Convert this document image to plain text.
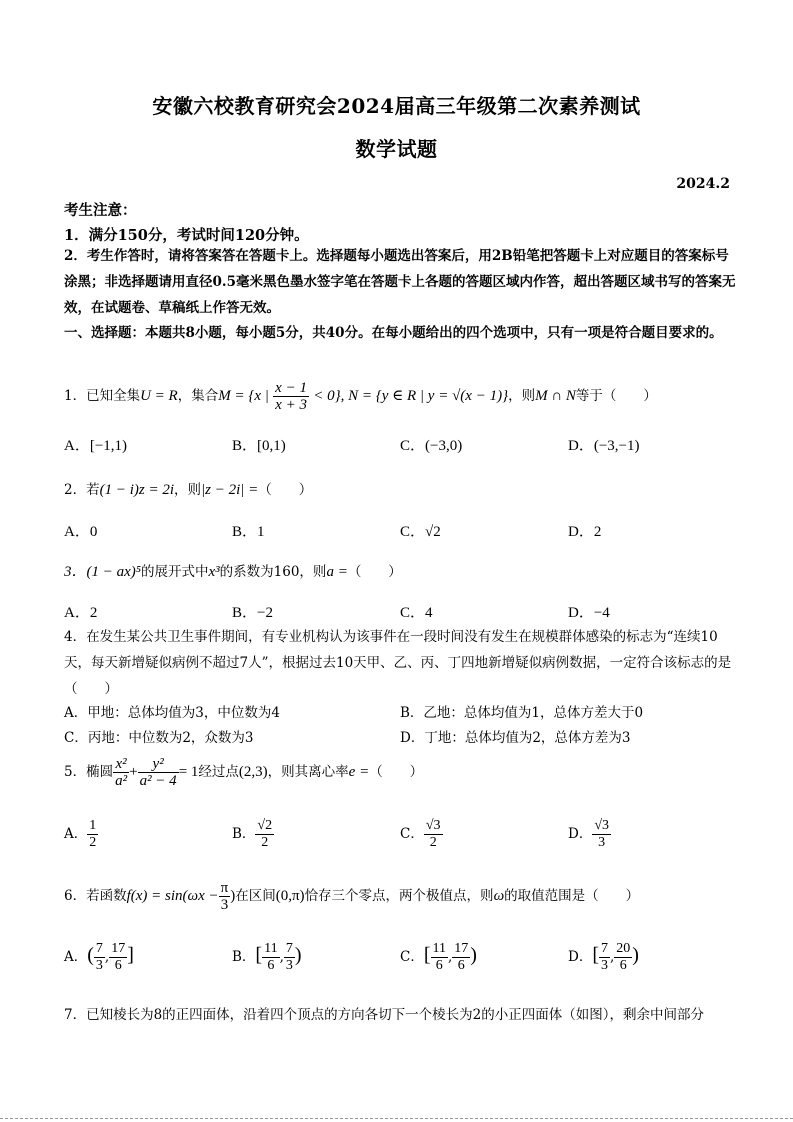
安徽六校教育研究会2024届高三年级第二次素养测试
数学试题
2024.2
考生注意：
1．满分150分，考试时间120分钟。
2．考生作答时，请将答案答在答题卡上。选择题每小题选出答案后，用2B铅笔把答题卡上对应题目的答案标号涂黑；非选择题请用直径0.5毫米黑色墨水签字笔在答题卡上各题的答题区域内作答，超出答题区域书写的答案无效，在试题卷、草稿纸上作答无效。
一、选择题：本题共8小题，每小题5分，共40分。在每小题给出的四个选项中，只有一项是符合题目要求的。
1．已知全集U = R，集合M = {x | $\frac{x - 1}{x + 3} < 0$}, N = {y ∈ R | y = √(x − 1)}，则M ∩ N等于（　　）
A．[−1,1)	B．[0,1)	C．(−3,0)	D．(−3,−1)
2．若(1 − i)z = 2i，则|z − 2i| =（　　）
A．0	B．1	C．√2	D．2
3．(1 − ax)⁵的展开式中x³的系数为160，则a =（　　）
A．2	B．−2	C．4	D．−4
4．在发生某公共卫生事件期间，有专业机构认为该事件在一段时间没有发生在规模群体感染的标志为“连续10天，每天新增疑似病例不超过7人”，根据过去10天甲、乙、丙、丁四地新增疑似病例数据，一定符合该标志的是（　　）
A．甲地：总体均值为3，中位数为4	B．乙地：总体均值为1，总体方差大于0
C．丙地：中位数为2，众数为3	D．丁地：总体均值为2，总体方差为3
5．椭圆 $\frac{\text{x²}}{\text{a²}} + \frac{\text{y²}}{\text{a² − 4}} = 1$经过点(2,3)，则其离心率e =（　　）
A． $\frac{1}{2}$	B． $\frac{√2}{2}$	C． $\frac{√3}{2}$	D． $\frac{√3}{3}$
6．若函数$f(x) = \sin(\omega x - \frac{\pi}{3}$ )在区间(0,π)恰存三个零点，两个极值点，则ω的取值范围是（　　）
A．( $\frac{7}{3}$ , $\frac{17}{6}$ ]	B．[ $\frac{11}{6}$ , $\frac{7}{3}$ )	C．[ $\frac{11}{6}$ , $\frac{17}{6}$ )	D．[ $\frac{7}{3}$ , $\frac{20}{6}$ )
7．已知棱长为8的正四面体，沿着四个顶点的方向各切下一个棱长为2的小正四面体（如图），剩余中间部分
